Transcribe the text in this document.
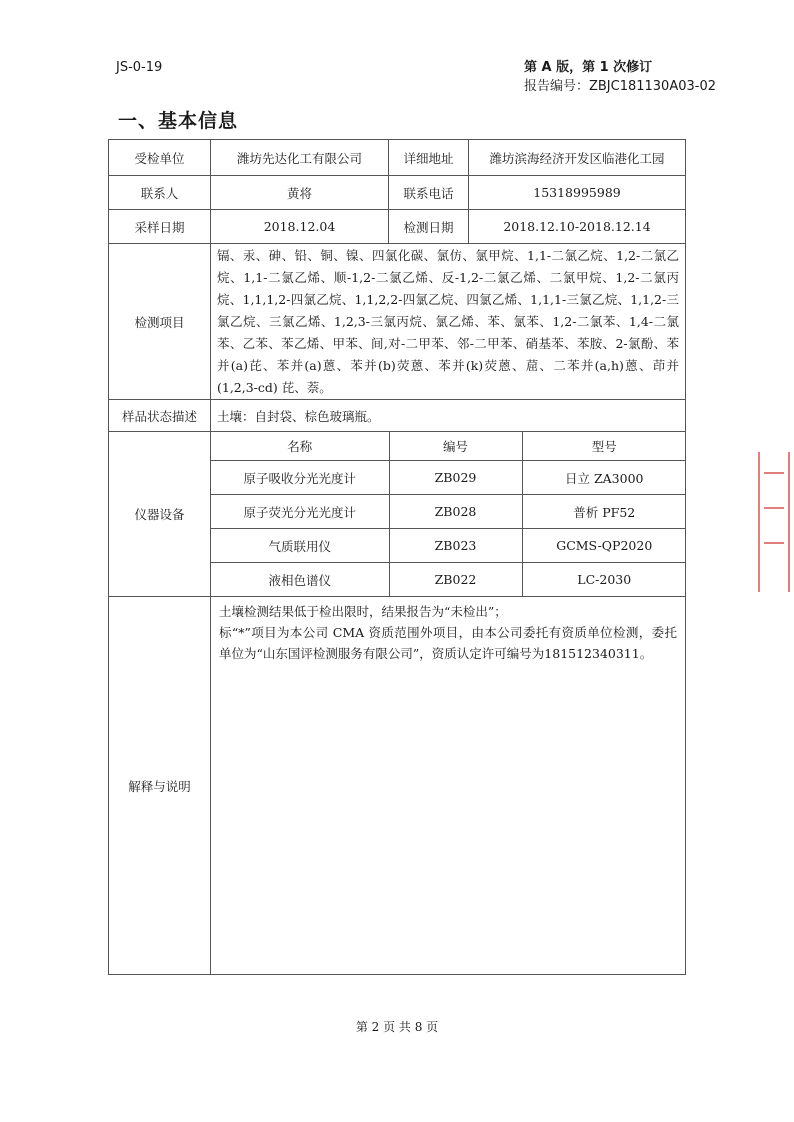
JS-0-19	第 A 版，第 1 次修订
报告编号：ZBJC181130A03-02
一、基本信息
受检单位	潍坊先达化工有限公司	详细地址	潍坊滨海经济开发区临港化工园
联系人	黄将	联系电话	15318995989
采样日期	2018.12.04	检测日期	2018.12.10-2018.12.14
检测项目	镉、汞、砷、铅、铜、镍、四氯化碳、氯仿、氯甲烷、1,1-二氯乙烷、1,2-二氯乙烷、1,1-二氯乙烯、顺-1,2-二氯乙烯、反-1,2-二氯乙烯、二氯甲烷、1,2-二氯丙烷、1,1,1,2-四氯乙烷、1,1,2,2-四氯乙烷、四氯乙烯、1,1,1-三氯乙烷、1,1,2-三氯乙烷、三氯乙烯、1,2,3-三氯丙烷、氯乙烯、苯、氯苯、1,2-二氯苯、1,4-二氯苯、乙苯、苯乙烯、甲苯、间,对-二甲苯、邻-二甲苯、硝基苯、苯胺、2-氯酚、苯并(a)芘、苯并(a)蒽、苯并(b)荧蒽、苯并(k)荧蒽、䓛、二苯并(a,h)蒽、茚并(1,2,3-cd) 芘、萘。
样品状态描述	土壤：自封袋、棕色玻璃瓶。
仪器设备	
名称	编号	型号
原子吸收分光光度计	ZB029	日立 ZA3000
原子荧光分光光度计	ZB028	普析 PF52
气质联用仪	ZB023	GCMS-QP2020
液相色谱仪	ZB022	LC-2030

解释与说明	
土壤检测结果低于检出限时，结果报告为“未检出”；
标“*”项目为本公司 CMA 资质范围外项目，由本公司委托有资质单位检测，委托单位为“山东国评检测服务有限公司”，资质认定许可编号为181512340311。
第 2 页 共 8 页
